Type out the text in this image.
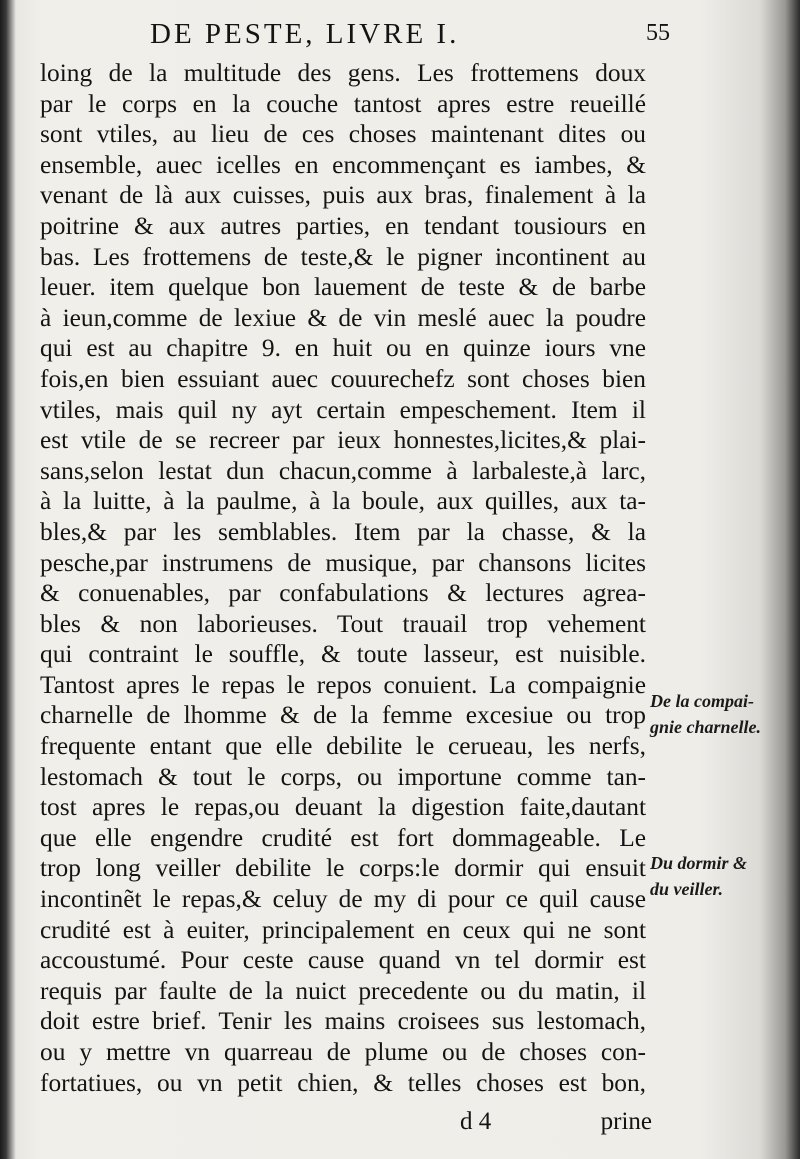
DE PESTE, LIVRE I.	55
loing de la multitude des gens. Les frottemens doux
par le corps en la couche tantost apres estre reueillé
sont vtiles, au lieu de ces choses maintenant dites ou
ensemble, auec icelles en encommençant es iambes, &
venant de là aux cuisses, puis aux bras, finalement à la
poitrine & aux autres parties, en tendant tousiours en
bas. Les frottemens de teste,& le pigner incontinent au
leuer. item quelque bon lauement de teste & de barbe
à ieun,comme de lexiue & de vin meslé auec la poudre
qui est au chapitre 9. en huit ou en quinze iours vne
fois,en bien essuiant auec couurechefz sont choses bien
vtiles, mais quil ny ayt certain empeschement. Item il
est vtile de se recreer par ieux honnestes,licites,& plai-
sans,selon lestat dun chacun,comme à larbaleste,à larc,
à la luitte, à la paulme, à la boule, aux quilles, aux ta-
bles,& par les semblables. Item par la chasse, & la
pesche,par instrumens de musique, par chansons licites
& conuenables, par confabulations & lectures agrea-
bles & non laborieuses. Tout trauail trop vehement
qui contraint le souffle, & toute lasseur, est nuisible.
Tantost apres le repas le repos conuient. La compaignie
charnelle de lhomme & de la femme excesiue ou trop
frequente entant que elle debilite le cerueau, les nerfs,
lestomach & tout le corps, ou importune comme tan-
tost apres le repas,ou deuant la digestion faite,dautant
que elle engendre crudité est fort dommageable. Le
trop long veiller debilite le corps:le dormir qui ensuit
incontinẽt le repas,& celuy de my di pour ce quil cause
crudité est à euiter, principalement en ceux qui ne sont
accoustumé. Pour ceste cause quand vn tel dormir est
requis par faulte de la nuict precedente ou du matin, il
doit estre brief. Tenir les mains croisees sus lestomach,
ou y mettre vn quarreau de plume ou de choses con-
fortatiues, ou vn petit chien, & telles choses est bon,
De la compai-
gnie charnelle.
Du dormir &
du veiller.
d 4	prine
